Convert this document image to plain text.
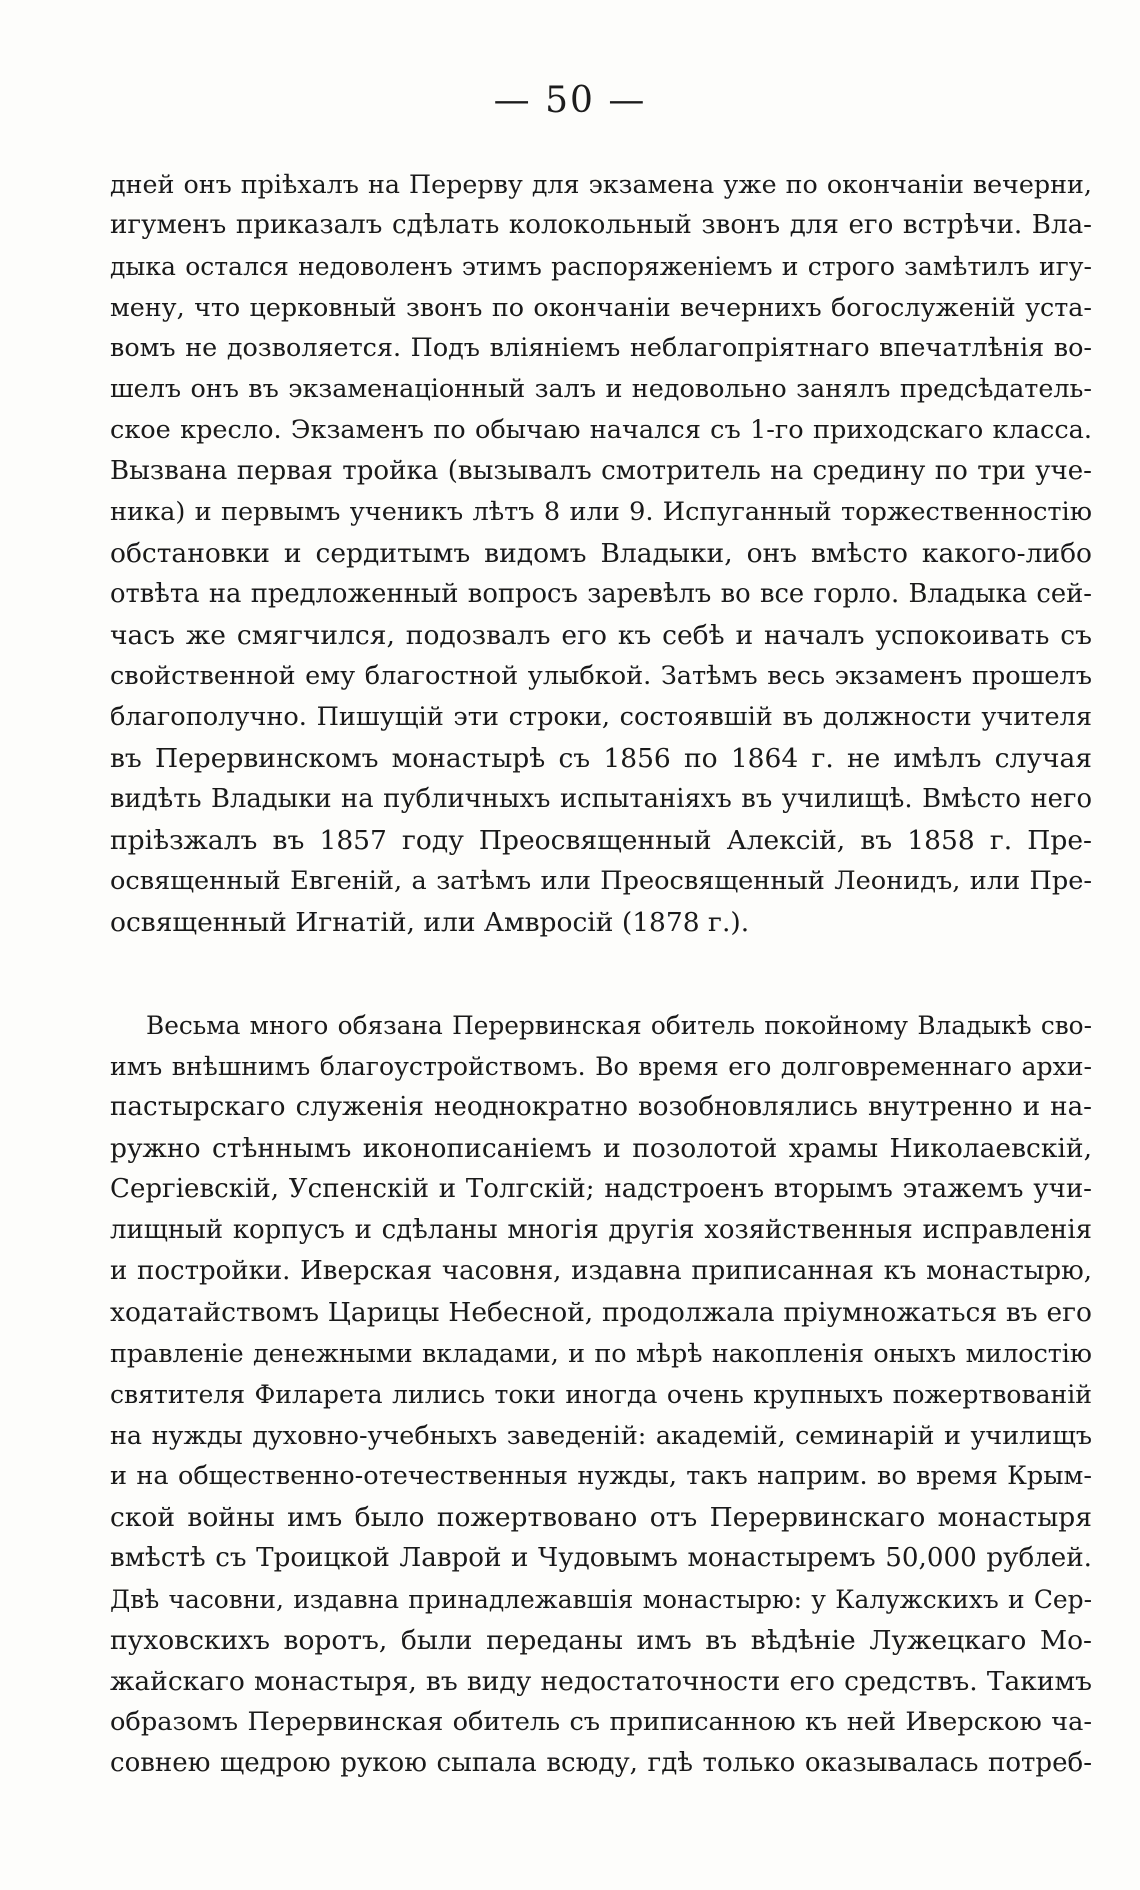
— 50 —
дней онъ пріѣхалъ на Перерву для экзамена уже по окончаніи вечерни,
игуменъ приказалъ сдѣлать колокольный звонъ для его встрѣчи. Вла-
дыка остался недоволенъ этимъ распоряженіемъ и строго замѣтилъ игу-
мену, что церковный звонъ по окончаніи вечернихъ богослуженій уста-
вомъ не дозволяется. Подъ вліяніемъ неблагопріятнаго впечатлѣнія во-
шелъ онъ въ экзаменаціонный залъ и недовольно занялъ предсѣдатель-
ское кресло. Экзаменъ по обычаю начался съ 1-го приходскаго класса.
Вызвана первая тройка (вызывалъ смотритель на средину по три уче-
ника) и первымъ ученикъ лѣтъ 8 или 9. Испуганный торжественностію
обстановки и сердитымъ видомъ Владыки, онъ вмѣсто какого-либо
отвѣта на предложенный вопросъ заревѣлъ во все горло. Владыка сей-
часъ же смягчился, подозвалъ его къ себѣ и началъ успокоивать съ
свойственной ему благостной улыбкой. Затѣмъ весь экзаменъ прошелъ
благополучно. Пишущій эти строки, состоявшій въ должности учителя
въ Перервинскомъ монастырѣ съ 1856 по 1864 г. не имѣлъ случая
видѣть Владыки на публичныхъ испытаніяхъ въ училищѣ. Вмѣсто него
пріѣзжалъ въ 1857 году Преосвященный Алексій, въ 1858 г. Пре-
освященный Евгеній, а затѣмъ или Преосвященный Леонидъ, или Пре-
освященный Игнатій, или Амвросій (1878 г.).
Весьма много обязана Перервинская обитель покойному Владыкѣ сво-
имъ внѣшнимъ благоустройствомъ. Во время его долговременнаго архи-
пастырскаго служенія неоднократно возобновлялись внутренно и на-
ружно стѣннымъ иконописаніемъ и позолотой храмы Николаевскій,
Сергіевскій, Успенскій и Толгскій; надстроенъ вторымъ этажемъ учи-
лищный корпусъ и сдѣланы многія другія хозяйственныя исправленія
и постройки. Иверская часовня, издавна приписанная къ монастырю,
ходатайствомъ Царицы Небесной, продолжала пріумножаться въ его
правленіе денежными вкладами, и по мѣрѣ накопленія оныхъ милостію
святителя Филарета лились токи иногда очень крупныхъ пожертвованій
на нужды духовно-учебныхъ заведеній: академій, семинарій и училищъ
и на общественно-отечественныя нужды, такъ наприм. во время Крым-
ской войны имъ было пожертвовано отъ Перервинскаго монастыря
вмѣстѣ съ Троицкой Лаврой и Чудовымъ монастыремъ 50,000 рублей.
Двѣ часовни, издавна принадлежавшія монастырю: у Калужскихъ и Сер-
пуховскихъ воротъ, были переданы имъ въ вѣдѣніе Лужецкаго Мо-
жайскаго монастыря, въ виду недостаточности его средствъ. Такимъ
образомъ Перервинская обитель съ приписанною къ ней Иверскою ча-
совнею щедрою рукою сыпала всюду, гдѣ только оказывалась потреб-
